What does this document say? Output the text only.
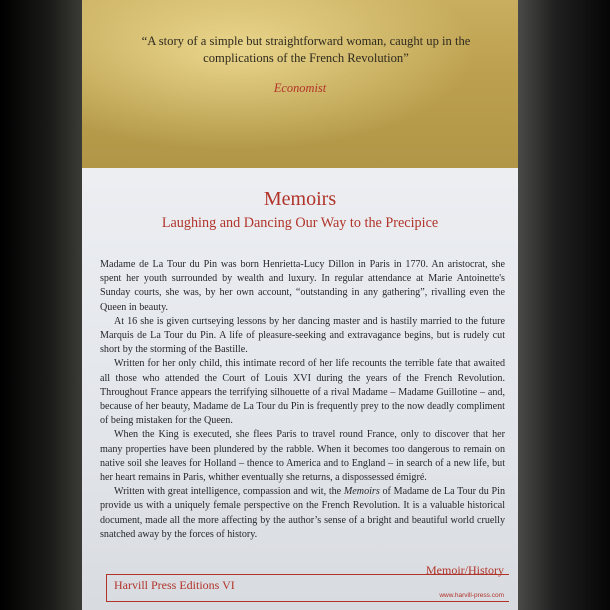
“A story of a simple but straightforward woman, caught up in the complications of the French Revolution”
Economist
Memoirs
Laughing and Dancing Our Way to the Precipice

Madame de La Tour du Pin was born Henrietta-Lucy Dillon in Paris in 1770. An aristocrat, she spent her youth surrounded by wealth and luxury. In regular attendance at Marie Antoinette's Sunday courts, she was, by her own account, “outstanding in any gathering”, rivalling even the Queen in beauty.

At 16 she is given curtseying lessons by her dancing master and is hastily married to the future Marquis de La Tour du Pin. A life of pleasure-seeking and extravagance begins, but is rudely cut short by the storming of the Bastille.

Written for her only child, this intimate record of her life recounts the terrible fate that awaited all those who attended the Court of Louis XVI during the years of the French Revolution. Throughout France appears the terrifying silhouette of a rival Madame – Madame Guillotine – and, because of her beauty, Madame de La Tour du Pin is frequently prey to the now deadly compliment of being mistaken for the Queen.

When the King is executed, she flees Paris to travel round France, only to discover that her many properties have been plundered by the rabble. When it becomes too dangerous to remain on native soil she leaves for Holland – thence to America and to England – in search of a new life, but her heart remains in Paris, whither eventually she returns, a dispossessed émigré.

Written with great intelligence, compassion and wit, the Memoirs of Madame de La Tour du Pin provide us with a uniquely female perspective on the French Revolution. It is a valuable historical document, made all the more affecting by the author’s sense of a bright and beautiful world cruelly snatched away by the forces of history.

Harvill Press Editions VI
Memoir/History
www.harvill-press.com
